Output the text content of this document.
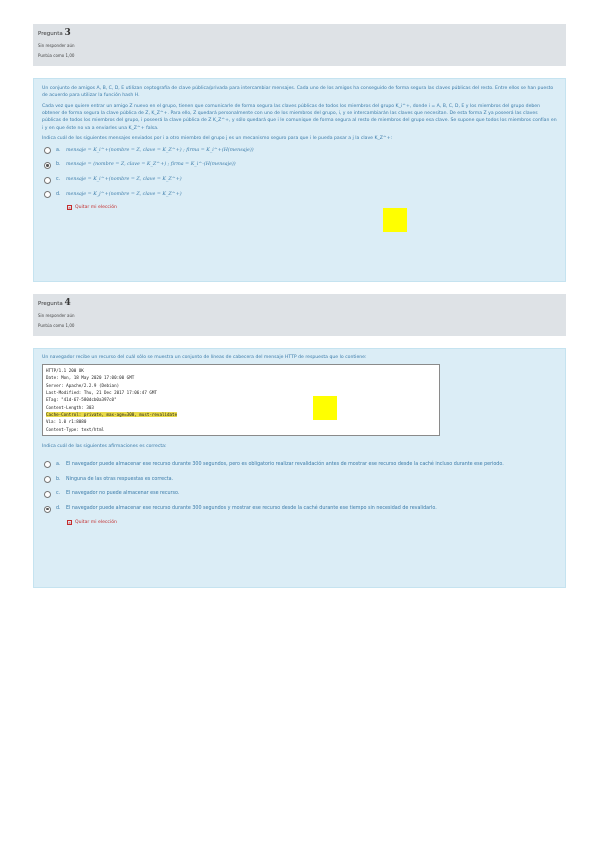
Pregunta 3
Sin responder aún
Puntúa como 1,00

Un conjunto de amigos A, B, C, D, E utilizan ceptografía de clave pública/privada para intercambiar mensajes. Cada uno de los amigos ha conseguido de forma segura las claves públicas del resto. Entre ellos se han puesto de acuerdo para utilizar la función hash H.

Cada vez que quiere entrar un amigo Z nuevo en el grupo, tienen que comunicarle de forma segura las claves públicas de todos los miembros del grupo K_i^+, donde i = A, B, C, D, E y los miembros del grupo deben obtener de forma segura la clave pública de Z, K_Z^+. Para ello, Z quedará personalmente con uno de los miembros del grupo, i, y se intercambiarán las claves que necesitan. De esta forma Z ya poseerá las claves públicas de todos los miembros del grupo, i poseerá la clave pública de Z K_Z^+, y sólo quedará que i le comunique de forma segura al resto de miembros del grupo esa clave. Se supone que todos los miembros confían en i y en que éste no va a enviarles una K_Z^+ falsa.

Indica cuál de los siguientes mensajes enviados por i a otro miembro del grupo j es un mecanismo seguro para que i le pueda pasar a j la clave K_Z^+:
a.	mensaje = K_i^+(nombre = Z, clave = K_Z^+) ; firma = K_i^+(H(mensaje))
b.	mensaje = (nombre = Z, clave = K_Z^+) ; firma = K_i^-(H(mensaje))
c.	mensaje = K_i^+(nombre = Z, clave = K_Z^+)
d.	mensaje = K_j^+(nombre = Z, clave = K_Z^+)
× Quitar mi elección
Pregunta 4
Sin responder aún
Puntúa como 1,00

Un navegador recibe un recurso del cuál sólo se muestra un conjunto de líneas de cabecera del mensaje HTTP de respuesta que lo contiene:

HTTP/1.1 200 OK
Date: Mon, 18 May 2020 17:00:00 GMT
Server: Apache/2.2.9 (Debian)
Last-Modified: Thu, 21 Dec 2017 17:06:47 GMT
ETag: "41d-67-580dcb0a397c0"
Content-Length: 303
Cache-Control: private, max-age=300, must-revalidate
Via: 1.0 r1:8080
Content-Type: text/html
Indica cuál de las siguientes afirmaciones es correcta:
a.	El navegador puede almacenar ese recurso durante 300 segundos, pero es obligatorio realizar revalidación antes de mostrar ese recurso desde la caché incluso durante ese periodo.
b.	Ninguna de las otras respuestas es correcta.
c.	El navegador no puede almacenar ese recurso.
d.	El navegador puede almacenar ese recurso durante 300 segundos y mostrar ese recurso desde la caché durante ese tiempo sin necesidad de revalidarlo.
× Quitar mi elección
